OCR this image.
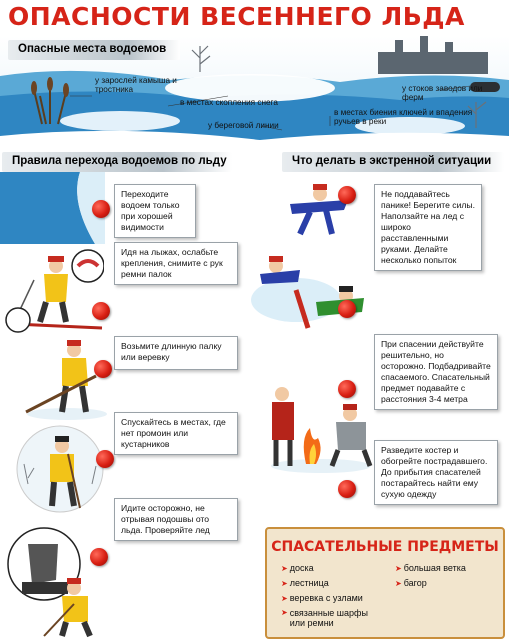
ОПАСНОСТИ ВЕСЕННЕГО ЛЬДА
Опасные места водоемов
у зарослей камыша и тростника
в местах скопления снега
у береговой линии
у стоков заводов или ферм
в местах биения ключей и впадения ручьев в реки
Правила перехода водоемов по льду	Что делать в экстренной ситуации
Переходите водоем только при хорошей видимости
Идя на лыжах, ослабьте крепления, снимите с рук ремни палок
Возьмите длинную палку или веревку
Спускайтесь в местах, где нет промоин или кустарников
Идите осторожно, не отрывая подошвы ото льда. Проверяйте лед
Не поддавайтесь панике! Берегите силы. Наползайте на лед с широко расставленными руками. Делайте несколько попыток
При спасении действуйте решительно, но осторожно. Подбадривайте спасаемого. Спасательный предмет подавайте с расстояния 3-4 метра
Разведите костер и обогрейте пострадавшего. До прибытия спасателей постарайтесь найти ему сухую одежду
СПАСАТЕЛЬНЫЕ ПРЕДМЕТЫ
➤ доска
➤ лестница
➤ веревка с узлами
➤ связанные шарфы или ремни
➤ большая ветка
➤ багор
